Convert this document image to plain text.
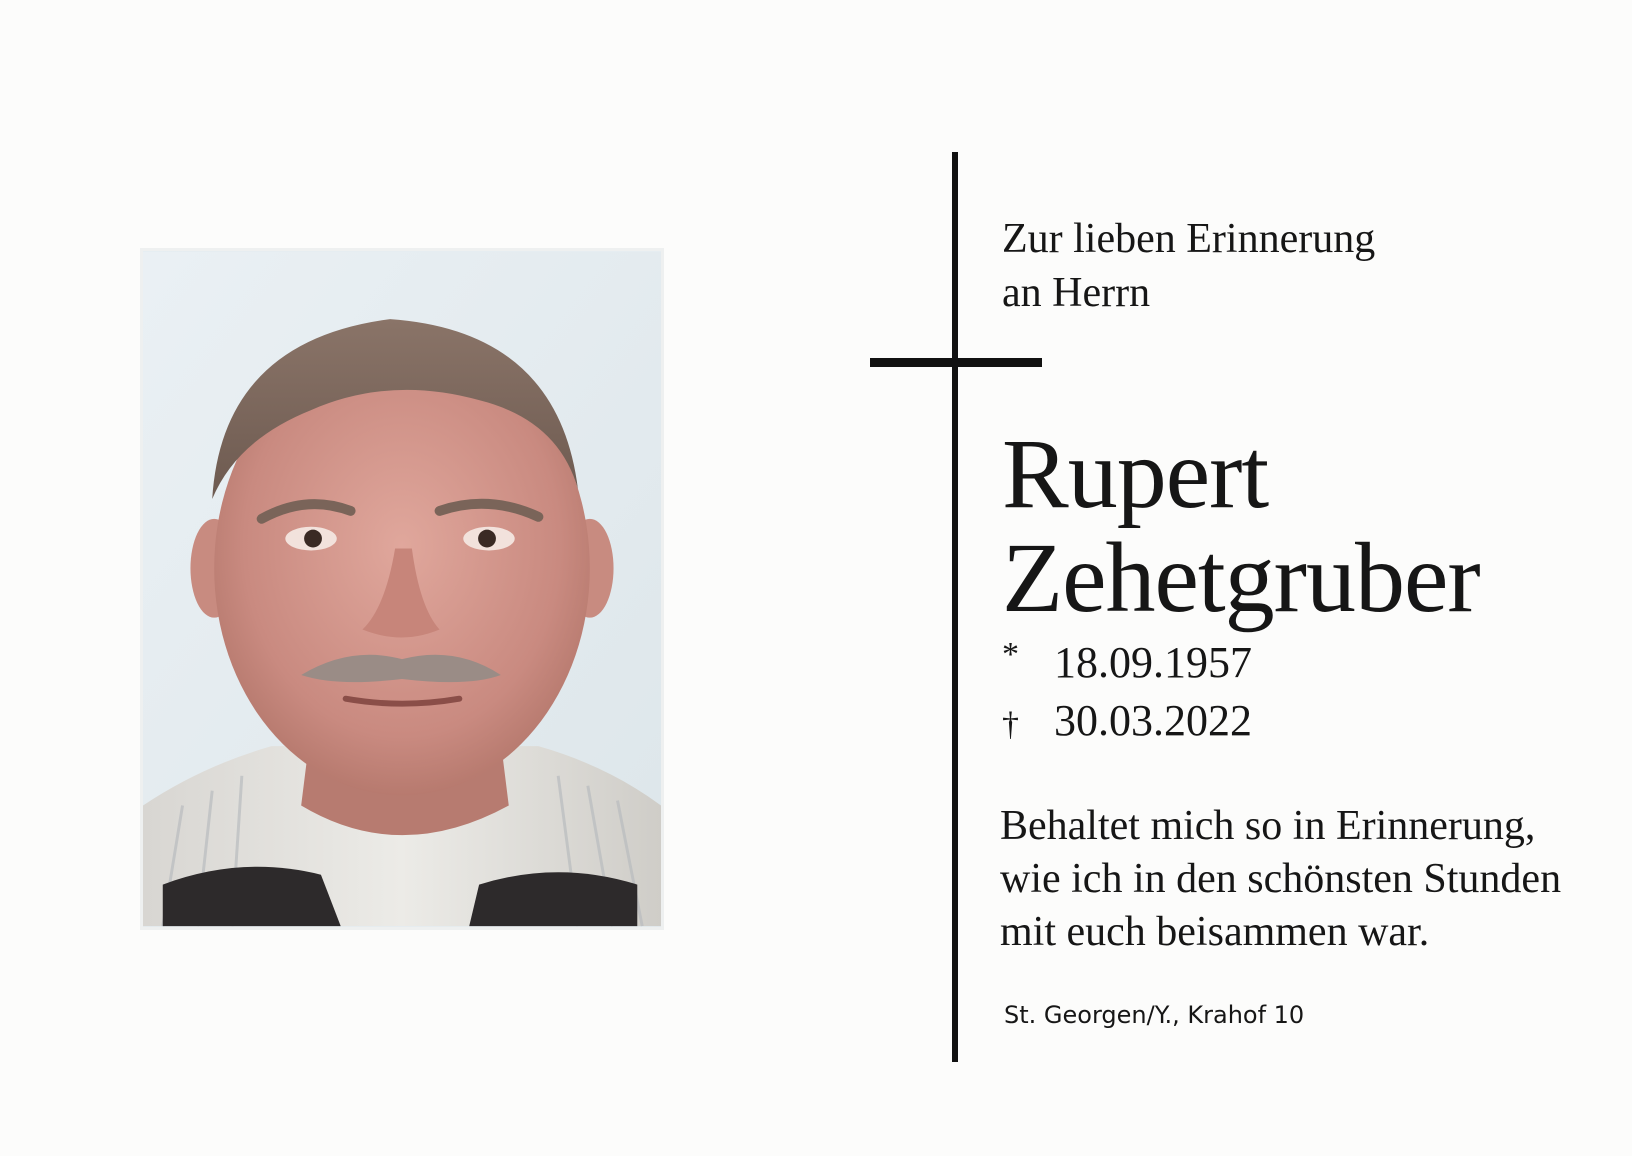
Zur lieben Erinnerung
an Herrn
Rupert
Zehetgruber
* 18.09.1957
† 30.03.2022
Behaltet mich so in Erinnerung,
wie ich in den schönsten Stunden
mit euch beisammen war.
St. Georgen/Y., Krahof 10
